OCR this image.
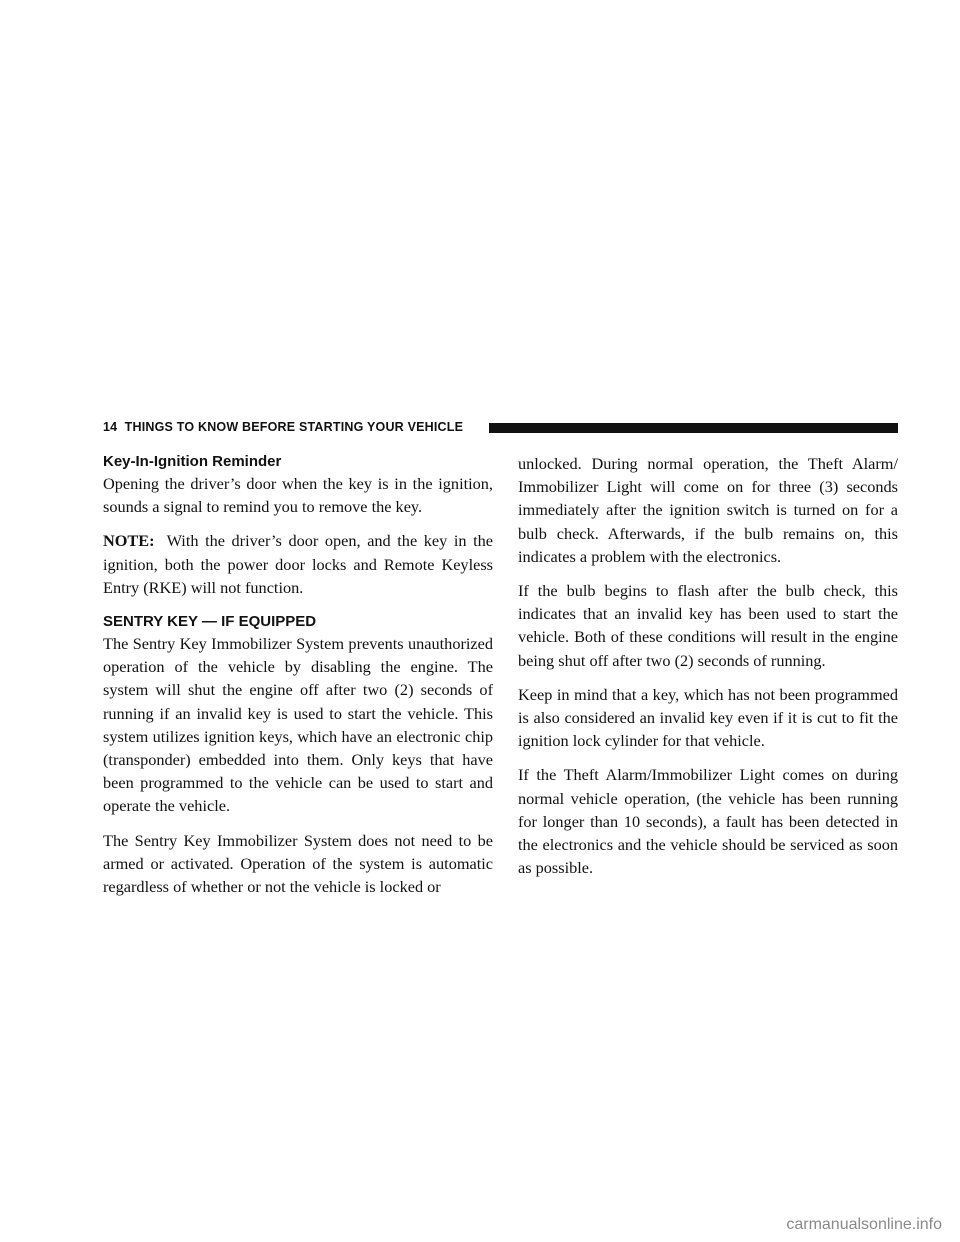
14 THINGS TO KNOW BEFORE STARTING YOUR VEHICLE
Key-In-Ignition Reminder

Opening the driver’s door when the key is in the ignition, sounds a signal to remind you to remove the key.

NOTE: With the driver’s door open, and the key in the ignition, both the power door locks and Remote Keyless Entry (RKE) will not function.

SENTRY KEY — IF EQUIPPED

The Sentry Key Immobilizer System prevents unauthorized operation of the vehicle by disabling the engine. The system will shut the engine off after two (2) seconds of running if an invalid key is used to start the vehicle. This system utilizes ignition keys, which have an electronic chip (transponder) embedded into them. Only keys that have been programmed to the vehicle can be used to start and operate the vehicle.

The Sentry Key Immobilizer System does not need to be armed or activated. Operation of the system is automatic regardless of whether or not the vehicle is locked or

unlocked. During normal operation, the Theft Alarm/ Immobilizer Light will come on for three (3) seconds immediately after the ignition switch is turned on for a bulb check. Afterwards, if the bulb remains on, this indicates a problem with the electronics.

If the bulb begins to flash after the bulb check, this indicates that an invalid key has been used to start the vehicle. Both of these conditions will result in the engine being shut off after two (2) seconds of running.

Keep in mind that a key, which has not been programmed is also considered an invalid key even if it is cut to fit the ignition lock cylinder for that vehicle.

If the Theft Alarm/Immobilizer Light comes on during normal vehicle operation, (the vehicle has been running for longer than 10 seconds), a fault has been detected in the electronics and the vehicle should be serviced as soon as possible.

carmanualsonline.info
